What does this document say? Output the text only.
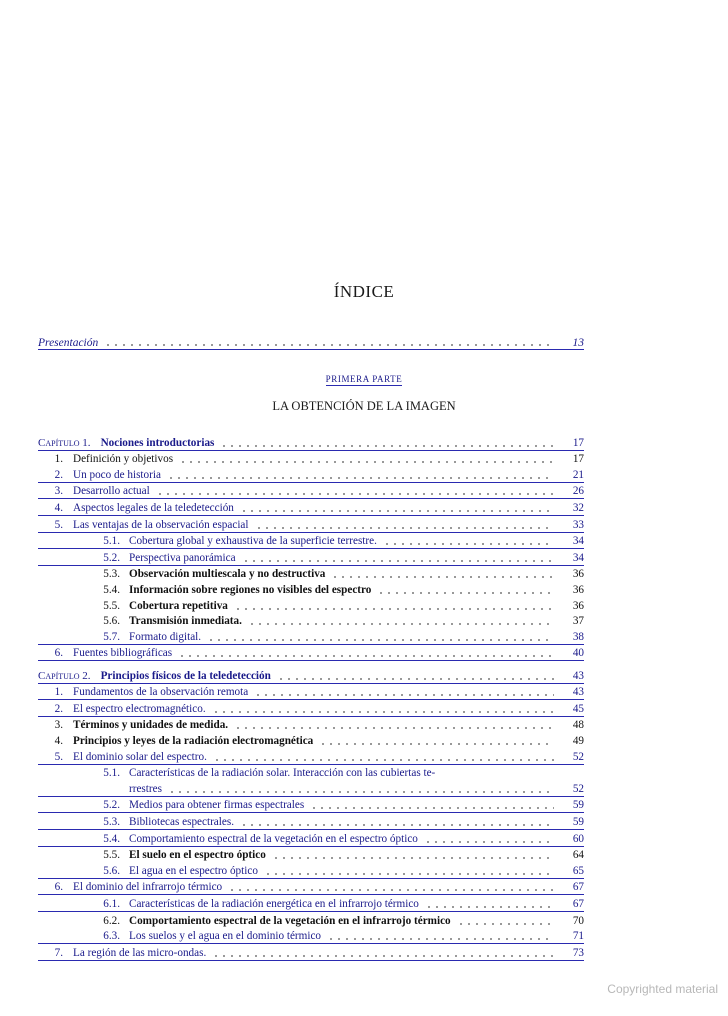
ÍNDICE
Presentación	13
PRIMERA PARTE
LA OBTENCIÓN DE LA IMAGEN
Capítulo 1. Nociones introductorias	17
1. Definición y objetivos	17
2. Un poco de historia	21
3. Desarrollo actual	26
4. Aspectos legales de la teledetección	32
5. Las ventajas de la observación espacial	33
5.1. Cobertura global y exhaustiva de la superficie terrestre.	34
5.2. Perspectiva panorámica	34
5.3. Observación multiescala y no destructiva	36
5.4. Información sobre regiones no visibles del espectro	36
5.5. Cobertura repetitiva	36
5.6. Transmisión inmediata.	37
5.7. Formato digital.	38
6. Fuentes bibliográficas	40
Capítulo 2. Principios físicos de la teledetección	43
1. Fundamentos de la observación remota	43
2. El espectro electromagnético.	45
3. Términos y unidades de medida.	48
4. Principios y leyes de la radiación electromagnética	49
5. El dominio solar del espectro.	52
5.1. Características de la radiación solar. Interacción con las cubiertas te-
rrestres	52
5.2. Medios para obtener firmas espectrales	59
5.3. Bibliotecas espectrales.	59
5.4. Comportamiento espectral de la vegetación en el espectro óptico	60
5.5. El suelo en el espectro óptico	64
5.6. El agua en el espectro óptico	65
6. El dominio del infrarrojo térmico	67
6.1. Características de la radiación energética en el infrarrojo térmico	67
6.2. Comportamiento espectral de la vegetación en el infrarrojo térmico	70
6.3. Los suelos y el agua en el dominio térmico	71
7. La región de las micro-ondas.	73
Copyrighted material
